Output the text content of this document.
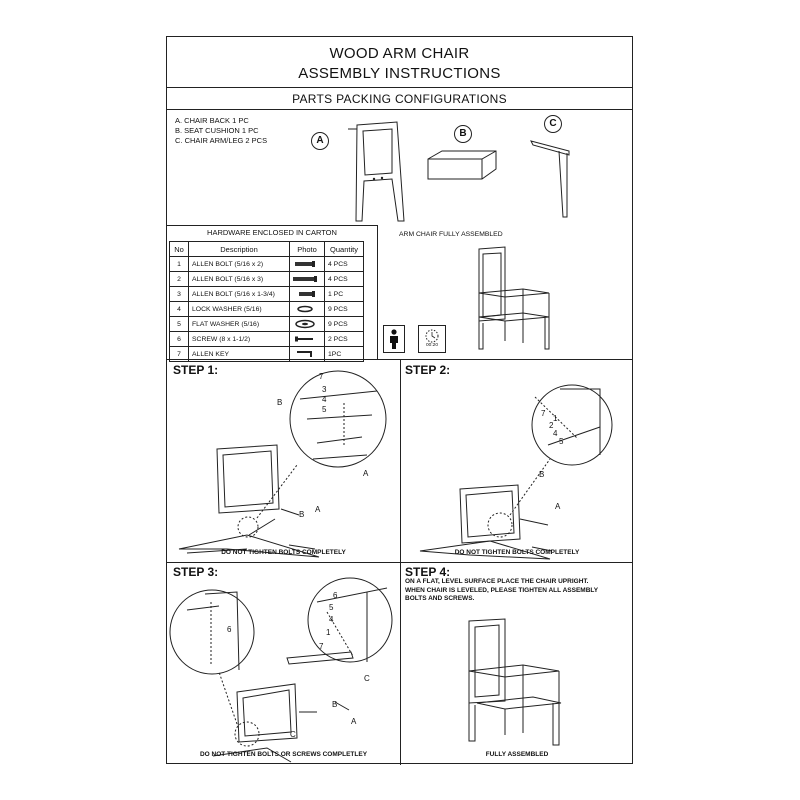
WOOD ARM CHAIR
ASSEMBLY INSTRUCTIONS
PARTS PACKING CONFIGURATIONS
A. CHAIR BACK 1 PC
B. SEAT CUSHION 1 PC
C. CHAIR ARM/LEG 2 PCS	A
B
C
HARDWARE ENCLOSED IN CARTON
No	Description	Photo	Quantity
1	ALLEN BOLT (5/16 x 2)		4 PCS
2	ALLEN BOLT (5/16 x 3)		4 PCS
3	ALLEN BOLT (5/16 x 1-3/4)		1 PC
4	LOCK WASHER (5/16)		9 PCS
5	FLAT WASHER (5/16)		9 PCS
6	SCREW (8 x 1-1/2)		2 PCS
7	ALLEN KEY		1PC
ARM CHAIR FULLY ASSEMBLED
00:20
STEP 1:	7
3
4
5
B
B
A
A
DO NOT TIGHTEN BOLTS COMPLETELY
STEP 2:
7
1
2
4
5
B
A
DO NOT TIGHTEN BOLTS COMPLETELY
STEP 3:
6
C
B
A
C
6
5
4
1
7
DO NOT TIGHTEN BOLTS OR SCREWS COMPLETLEY
STEP 4:
ON A FLAT, LEVEL SURFACE PLACE THE CHAIR UPRIGHT.
WHEN CHAIR IS LEVELED, PLEASE TIGHTEN ALL ASSEMBLY
BOLTS AND SCREWS.
FULLY ASSEMBLED
